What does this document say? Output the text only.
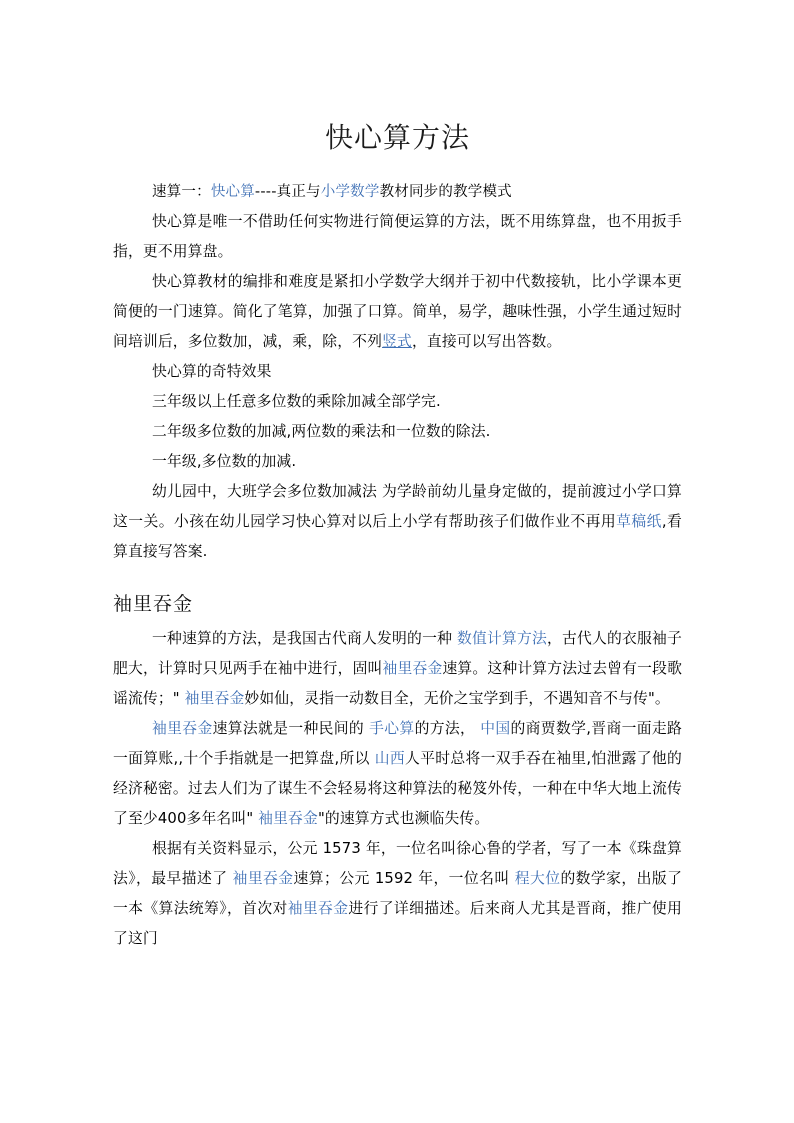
快心算方法

速算一：快心算----真正与小学数学教材同步的教学模式

快心算是唯一不借助任何实物进行简便运算的方法，既不用练算盘，也不用扳手指，更不用算盘。

快心算教材的编排和难度是紧扣小学数学大纲并于初中代数接轨，比小学课本更简便的一门速算。简化了笔算，加强了口算。简单，易学，趣味性强，小学生通过短时间培训后，多位数加，减，乘，除，不列竖式，直接可以写出答数。

快心算的奇特效果

三年级以上任意多位数的乘除加减全部学完.

二年级多位数的加减,两位数的乘法和一位数的除法.

一年级,多位数的加减.

幼儿园中，大班学会多位数加减法 为学龄前幼儿量身定做的，提前渡过小学口算这一关。小孩在幼儿园学习快心算对以后上小学有帮助孩子们做作业不再用草稿纸,看算直接写答案.

袖里吞金

一种速算的方法，是我国古代商人发明的一种 数值计算方法，古代人的衣服袖子肥大，计算时只见两手在袖中进行，固叫袖里吞金速算。这种计算方法过去曾有一段歌谣流传；" 袖里吞金妙如仙，灵指一动数目全，无价之宝学到手，不遇知音不与传"。

袖里吞金速算法就是一种民间的 手心算的方法， 中国的商贾数学,晋商一面走路一面算账,,十个手指就是一把算盘,所以 山西人平时总将一双手吞在袖里,怕泄露了他的经济秘密。过去人们为了谋生不会轻易将这种算法的秘笈外传，一种在中华大地上流传了至少400多年名叫" 袖里吞金"的速算方式也濒临失传。

根据有关资料显示，公元 1573 年，一位名叫徐心鲁的学者，写了一本《珠盘算法》，最早描述了 袖里吞金速算；公元 1592 年，一位名叫 程大位的数学家，出版了一本《算法统筹》，首次对袖里吞金进行了详细描述。后来商人尤其是晋商，推广使用了这门
